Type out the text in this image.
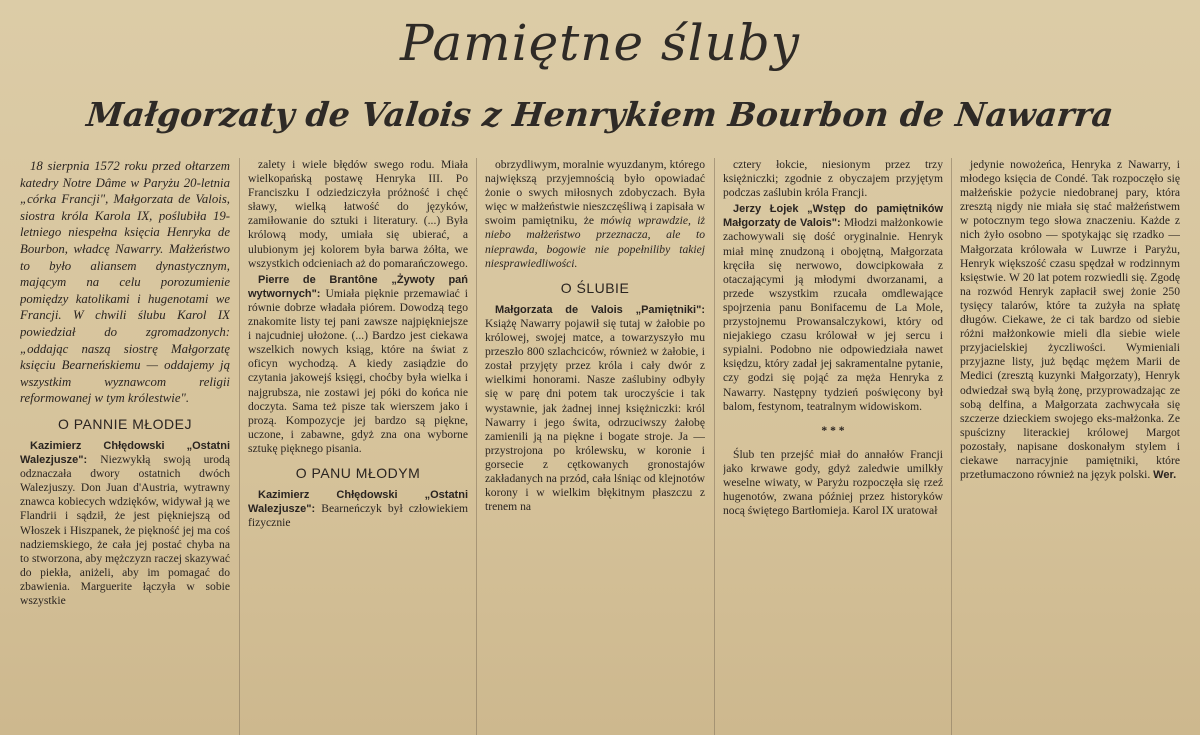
Pamiętne śluby
Małgorzaty de Valois z Henrykiem Bourbon de Nawarra

18 sierpnia 1572 roku przed ołtarzem katedry Notre Dâme w Paryżu 20-letnia „córka Francji", Małgorzata de Valois, siostra króla Karola IX, poślubiła 19-letniego niespełna księcia Henryka de Bourbon, władcę Nawarry. Małżeństwo to było aliansem dynastycznym, mającym na celu porozumienie pomiędzy katolikami i hugenotami we Francji. W chwili ślubu Karol IX powiedział do zgromadzonych: „oddając naszą siostrę Małgorzatę księciu Bearneńskiemu — oddajemy ją wszystkim wyznawcom religii reformowanej w tym królestwie".

O PANNIE MŁODEJ

Kazimierz Chłędowski „Ostatni Walezjusze": Niezwykłą swoją urodą odznaczała dwory ostatnich dwóch Walezjuszy. Don Juan d'Austria, wytrawny znawca kobiecych wdzięków, widywał ją we Flandrii i sądził, że jest piękniejszą od Włoszek i Hiszpanek, że piękność jej ma coś nadziemskiego, że cała jej postać chyba na to stworzona, aby mężczyzn raczej skazywać do piekła, aniżeli, aby im pomagać do zbawienia. Marguerite łączyła w sobie wszystkie

zalety i wiele błędów swego rodu. Miała wielkopańską postawę Henryka III. Po Franciszku I odziedziczyła próżność i chęć sławy, wielką łatwość do języków, zamiłowanie do sztuki i literatury. (...) Była królową mody, umiała się ubierać, a ulubionym jej kolorem była barwa żółta, we wszystkich odcieniach aż do pomarańczowego.

Pierre de Brantône „Żywoty pań wytwornych": Umiała pięknie przemawiać i równie dobrze władała piórem. Dowodzą tego znakomite listy tej pani zawsze najpiękniejsze i najcudniej ułożone. (...) Bardzo jest ciekawa wszelkich nowych ksiąg, które na świat z oficyn wychodzą. A kiedy zasiądzie do czytania jakowejś księgi, choćby była wielka i najgrubsza, nie zostawi jej póki do końca nie doczyta. Sama też pisze tak wierszem jako i prozą. Kompozycje jej bardzo są piękne, uczone, i zabawne, gdyż zna ona wyborne sztukę pięknego pisania.

O PANU MŁODYM

Kazimierz Chłędowski „Ostatni Walezjusze": Bearneńczyk był człowiekiem fizycznie

obrzydliwym, moralnie wyuzdanym, którego największą przyjemnością było opowiadać żonie o swych miłosnych zdobyczach. Była więc w małżeństwie nieszczęśliwą i zapisała w swoim pamiętniku, że mówią wprawdzie, iż niebo małżeństwo przeznacza, ale to nieprawda, bogowie nie popełniliby takiej niesprawiedliwości.

O ŚLUBIE

Małgorzata de Valois „Pamiętniki": Książę Nawarry pojawił się tutaj w żałobie po królowej, swojej matce, a towarzyszyło mu przeszło 800 szlachciców, również w żałobie, i został przyjęty przez króla i cały dwór z wielkimi honorami. Nasze zaślubiny odbyły się w parę dni potem tak uroczyście i tak wystawnie, jak żadnej innej księżniczki: król Nawarry i jego świta, odrzuciwszy żałobę zamienili ją na piękne i bogate stroje. Ja — przystrojona po królewsku, w koronie i gorsecie z cętkowanych gronostajów zakładanych na przód, cała lśniąc od klejnotów korony i w wielkim błękitnym płaszczu z trenem na

cztery łokcie, niesionym przez trzy księżniczki; zgodnie z obyczajem przyjętym podczas zaślubin króla Francji.

Jerzy Łojek „Wstęp do pamiętników Małgorzaty de Valois": Młodzi małżonkowie zachowywali się dość oryginalnie. Henryk miał minę znudzoną i obojętną, Małgorzata kręciła się nerwowo, dowcipkowała z otaczającymi ją młodymi dworzanami, a przede wszystkim rzucała omdlewające spojrzenia panu Bonifacemu de La Mole, przystojnemu Prowansalczykowi, który od niejakiego czasu królował w jej sercu i sypialni. Podobno nie odpowiedziała nawet księdzu, który zadał jej sakramentalne pytanie, czy godzi się pojąć za męża Henryka z Nawarry. Następny tydzień poświęcony był balom, festynom, teatralnym widowiskom.

* * *

Ślub ten przejść miał do annałów Francji jako krwawe gody, gdyż zaledwie umilkły weselne wiwaty, w Paryżu rozpoczęła się rzeź hugenotów, zwana później przez historyków nocą świętego Bartłomieja. Karol IX uratował

jedynie nowożeńca, Henryka z Nawarry, i młodego księcia de Condé. Tak rozpoczęło się małżeńskie pożycie niedobranej pary, która zresztą nigdy nie miała się stać małżeństwem w potocznym tego słowa znaczeniu. Każde z nich żyło osobno — spotykając się rzadko — Małgorzata królowała w Luwrze i Paryżu, Henryk większość czasu spędzał w rodzinnym księstwie. W 20 lat potem rozwiedli się. Zgodę na rozwód Henryk zapłacił swej żonie 250 tysięcy talarów, które ta zużyła na spłatę długów. Ciekawe, że ci tak bardzo od siebie różni małżonkowie mieli dla siebie wiele przyjacielskiej życzliwości. Wymieniali przyjazne listy, już będąc mężem Marii de Medici (zresztą kuzynki Małgorzaty), Henryk odwiedzał swą byłą żonę, przyprowadzając ze sobą delfina, a Małgorzata zachwycała się szczerze dzieckiem swojego eks-małżonka. Ze spuścizny literackiej królowej Margot pozostały, napisane doskonałym stylem i ciekawe narracyjnie pamiętniki, które przetłumaczono również na język polski. Wer.
